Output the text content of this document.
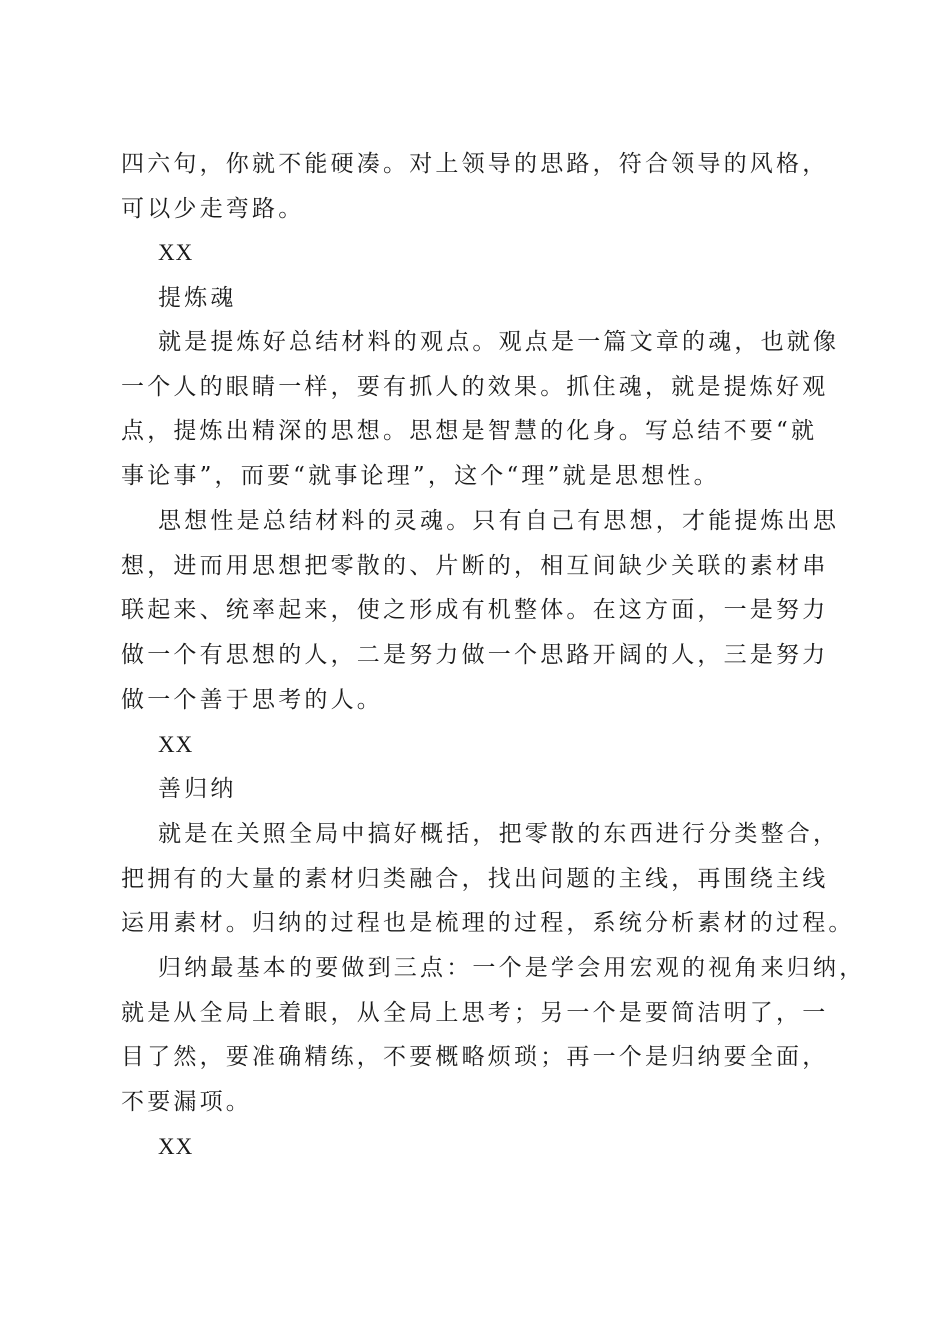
四六句，你就不能硬凑。对上领导的思路，符合领导的风格，
可以少走弯路。

XX

提炼魂

就是提炼好总结材料的观点。观点是一篇文章的魂，也就像
一个人的眼睛一样，要有抓人的效果。抓住魂，就是提炼好观
点，提炼出精深的思想。思想是智慧的化身。写总结不要“就
事论事”，而要“就事论理”，这个“理”就是思想性。

思想性是总结材料的灵魂。只有自己有思想，才能提炼出思
想，进而用思想把零散的、片断的，相互间缺少关联的素材串
联起来、统率起来，使之形成有机整体。在这方面，一是努力
做一个有思想的人，二是努力做一个思路开阔的人，三是努力
做一个善于思考的人。

XX

善归纳

就是在关照全局中搞好概括，把零散的东西进行分类整合，
把拥有的大量的素材归类融合，找出问题的主线，再围绕主线
运用素材。归纳的过程也是梳理的过程，系统分析素材的过程。

归纳最基本的要做到三点：一个是学会用宏观的视角来归纳，
就是从全局上着眼，从全局上思考；另一个是要简洁明了，一
目了然，要准确精练，不要概略烦琐；再一个是归纳要全面，
不要漏项。

XX
